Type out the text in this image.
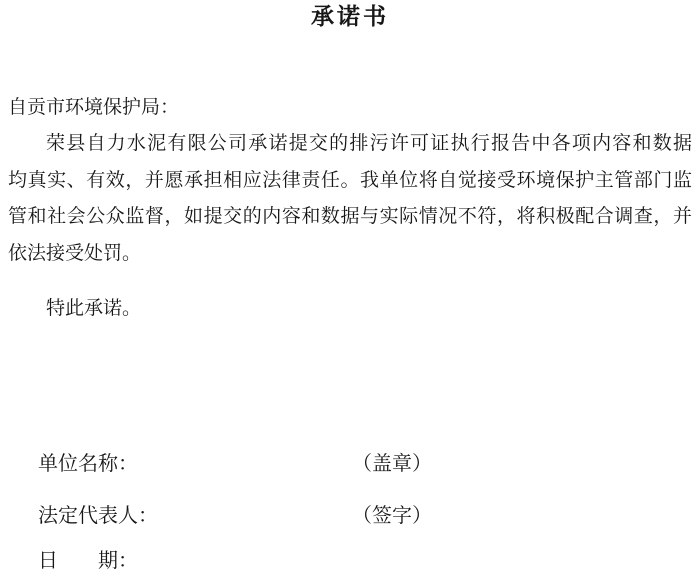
承诺书
自贡市环境保护局：
荣县自力水泥有限公司承诺提交的排污许可证执行报告中各项内容和数据
均真实、有效，并愿承担相应法律责任。我单位将自觉接受环境保护主管部门监
管和社会公众监督，如提交的内容和数据与实际情况不符，将积极配合调查，并
依法接受处罚。
特此承诺。
单位名称：	（盖章）
法定代表人：	（签字）
日　　期：
